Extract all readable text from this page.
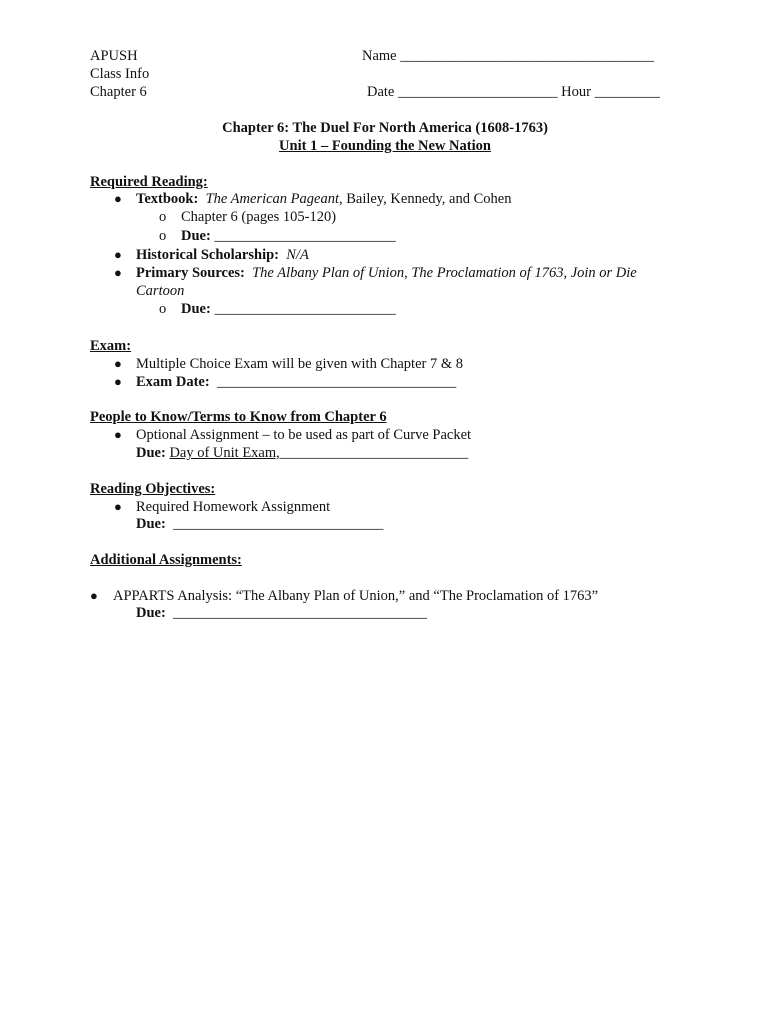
APUSH
Class Info
Chapter 6
Name ___________________________________
Date ______________________ Hour _________
Chapter 6: The Duel For North America (1608-1763)
Unit 1 – Founding the New Nation
Required Reading:
● Textbook: The American Pageant, Bailey, Kennedy, and Cohen
o Chapter 6 (pages 105-120)
o Due: _________________________
● Historical Scholarship: N/A
● Primary Sources: The Albany Plan of Union, The Proclamation of 1763, Join or Die
Cartoon
o Due: _________________________
Exam:
● Multiple Choice Exam will be given with Chapter 7 & 8
● Exam Date: _________________________________
People to Know/Terms to Know from Chapter 6
● Optional Assignment – to be used as part of Curve Packet
Due: Day of Unit Exam,__________________________
Reading Objectives:
● Required Homework Assignment
Due: _____________________________
Additional Assignments:
● APPARTS Analysis: “The Albany Plan of Union,” and “The Proclamation of 1763”
Due: ___________________________________
